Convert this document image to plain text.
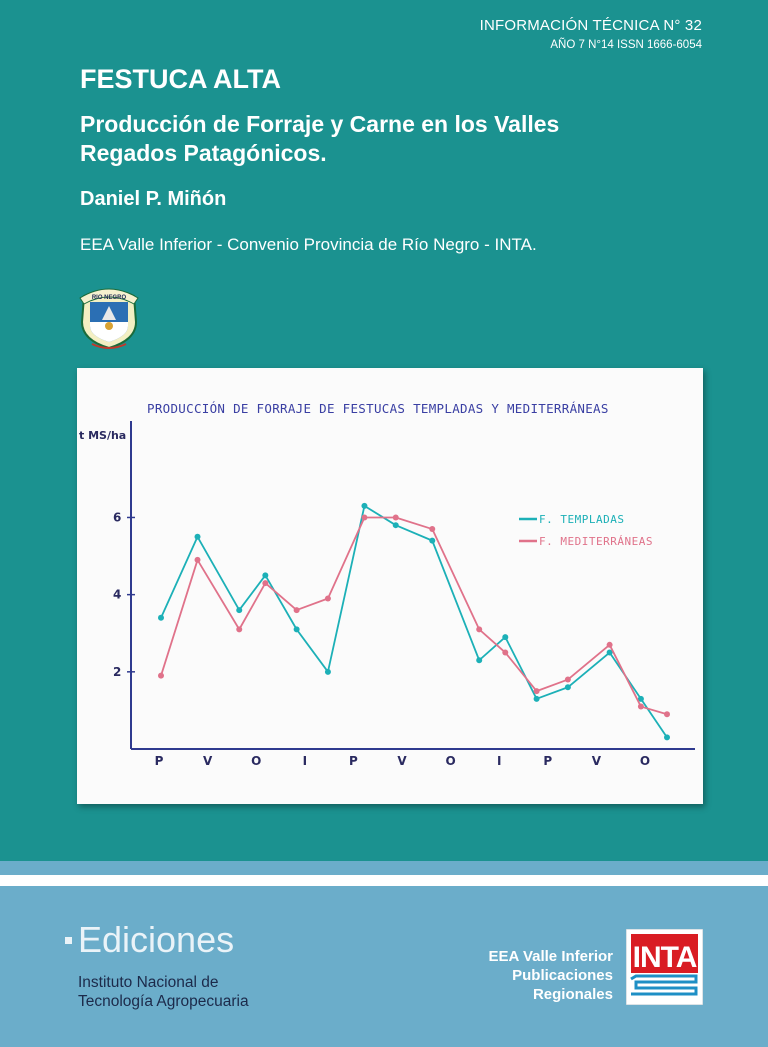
INFORMACIÓN TÉCNICA N° 32
AÑO 7 N°14 ISSN 1666-6054
FESTUCA ALTA
Producción de Forraje y Carne en los Valles Regados Patagónicos.
Daniel P. Miñón
EEA Valle Inferior - Convenio Provincia de Río Negro - INTA.
RIO NEGRO
PRODUCCIÓN DE FORRAJE DE FESTUCAS TEMPLADAS Y MEDITERRÁNEAS
t MS/ha
6
4
2
P	V	O	I	P	V	O	I	P	V	O
F. TEMPLADAS
F. MEDITERRÁNEAS
Ediciones
Instituto Nacional de
Tecnología Agropecuaria
EEA Valle Inferior
Publicaciones
Regionales
INTA
